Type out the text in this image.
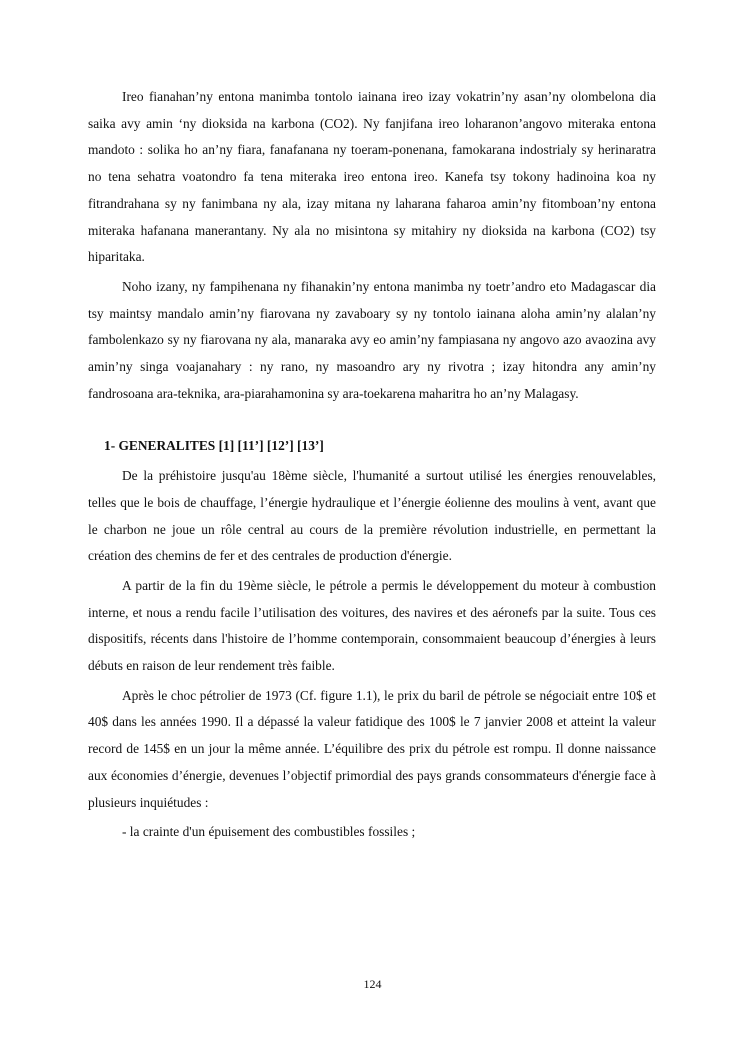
Ireo fianahan’ny entona manimba tontolo iainana ireo izay vokatrin’ny asan’ny olombelona dia saika avy amin ‘ny dioksida na karbona (CO2). Ny fanjifana ireo loharanon’angovo miteraka entona mandoto : solika ho an’ny fiara, fanafanana ny toeram-ponenana, famokarana indostrialy sy herinaratra no tena sehatra voatondro fa tena miteraka ireo entona ireo. Kanefa tsy tokony hadinoina koa ny fitrandrahana sy ny fanimbana ny ala, izay mitana ny laharana faharoa amin’ny fitomboan’ny entona miteraka hafanana manerantany. Ny ala no misintona sy mitahiry ny dioksida na karbona (CO2) tsy hiparitaka.

Noho izany, ny fampihenana ny fihanakin’ny entona manimba ny toetr’andro eto Madagascar dia tsy maintsy mandalo amin’ny fiarovana ny zavaboary sy ny tontolo iainana aloha amin’ny alalan’ny fambolenkazo sy ny fiarovana ny ala, manaraka avy eo amin’ny fampiasana ny angovo azo avaozina avy amin’ny singa voajanahary : ny rano, ny masoandro ary ny rivotra ; izay hitondra any amin’ny fandrosoana ara-teknika, ara-piarahamonina sy ara-toekarena maharitra ho an’ny Malagasy.

1- GENERALITES [1] [11’] [12’] [13’]

De la préhistoire jusqu'au 18ème siècle, l'humanité a surtout utilisé les énergies renouvelables, telles que le bois de chauffage, l’énergie hydraulique et l’énergie éolienne des moulins à vent, avant que le charbon ne joue un rôle central au cours de la première révolution industrielle, en permettant la création des chemins de fer et des centrales de production d'énergie.

A partir de la fin du 19ème siècle, le pétrole a permis le développement du moteur à combustion interne, et nous a rendu facile l’utilisation des voitures, des navires et des aéronefs par la suite. Tous ces dispositifs, récents dans l'histoire de l’homme contemporain, consommaient beaucoup d’énergies à leurs débuts en raison de leur rendement très faible.

Après le choc pétrolier de 1973 (Cf. figure 1.1), le prix du baril de pétrole se négociait entre 10$ et 40$ dans les années 1990. Il a dépassé la valeur fatidique des 100$ le 7 janvier 2008 et atteint la valeur record de 145$ en un jour la même année. L’équilibre des prix du pétrole est rompu. Il donne naissance aux économies d’énergie, devenues l’objectif primordial des pays grands consommateurs d'énergie face à plusieurs inquiétudes :

- la crainte d'un épuisement des combustibles fossiles ;

124
